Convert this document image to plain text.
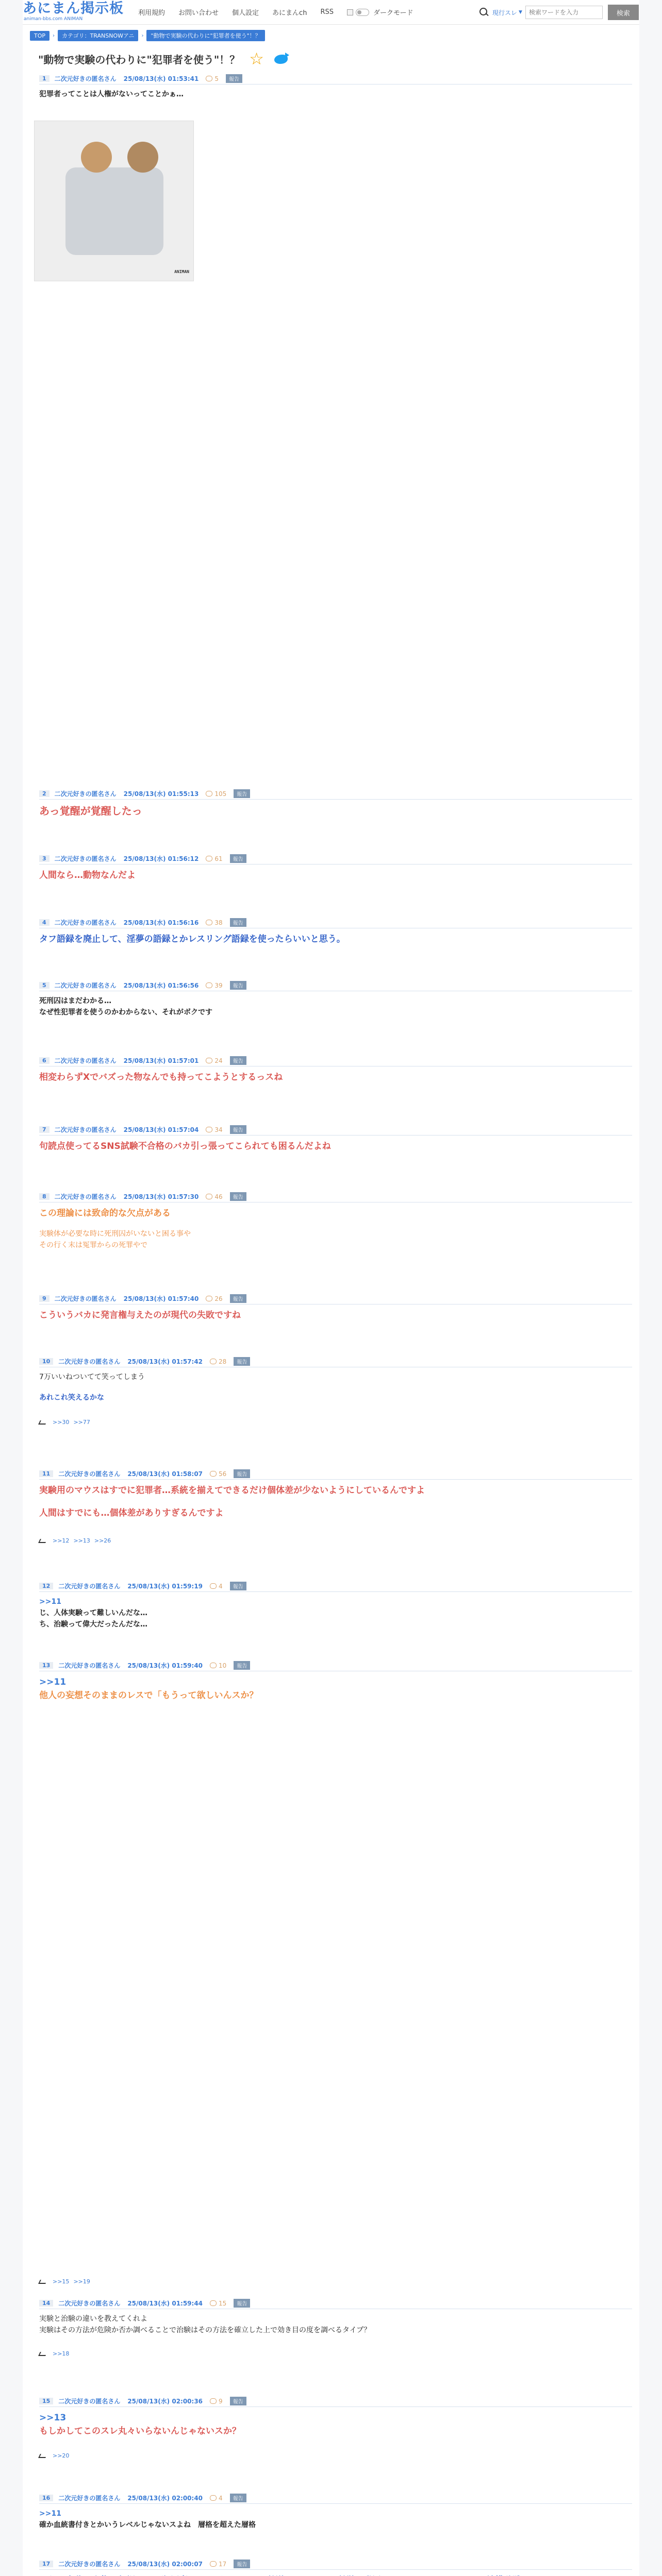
あにまん掲示板
animan-bbs.com ANIMAN
利用規約 お問い合わせ 個人設定 あにまんch RSS	ダークモード	現行スレ ▼
検索ワードを入力	検索
TOP	›	カテゴリ：TRANSNOWアニ	›	"動物で実験の代わりに"犯罪者を使う"！？
"動物で実験の代わりに"犯罪者を使う"！？ ☆
1	二次元好きの匿名さん 25/08/13(水) 01:53:41	5	報告
犯罪者ってことは人権がないってことかぁ…
ANIMAN
2	二次元好きの匿名さん 25/08/13(水) 01:55:13	105	報告
あっ覚醒が覚醒したっ
3	二次元好きの匿名さん 25/08/13(水) 01:56:12	61	報告
人間なら…動物なんだよ
4	二次元好きの匿名さん 25/08/13(水) 01:56:16	38	報告
タフ語録を廃止して、淫夢の語録とかレスリング語録を使ったらいいと思う。
5	二次元好きの匿名さん 25/08/13(水) 01:56:56	39	報告
死刑囚はまだわかる…
なぜ性犯罪者を使うのかわからない、それがボクです
6	二次元好きの匿名さん 25/08/13(水) 01:57:01	24	報告
相変わらずXでバズった物なんでも持ってこようとするっスね
7	二次元好きの匿名さん 25/08/13(水) 01:57:04	34	報告
句読点使ってるSNS試験不合格のバカ引っ張ってこられても困るんだよね
8	二次元好きの匿名さん 25/08/13(水) 01:57:30	46	報告
この理論には致命的な欠点がある
実験体が必要な時に死刑囚がいないと困る事や
その行く末は冤罪からの死罪やで
9	二次元好きの匿名さん 25/08/13(水) 01:57:40	26	報告
こういうバカに発言権与えたのが現代の失敗ですね
10	二次元好きの匿名さん 25/08/13(水) 01:57:42	28	報告
7万いいねついてて笑ってしまう
あれこれ笑えるかな
>>30 >>77
11	二次元好きの匿名さん 25/08/13(水) 01:58:07	56	報告
実験用のマウスはすでに犯罪者…系統を揃えてできるだけ個体差が少ないようにしているんですよ
人間はすでにも…個体差がありすぎるんですよ
>>12 >>13 >>26
12	二次元好きの匿名さん 25/08/13(水) 01:59:19	4	報告
>>11
じ、人体実験って難しいんだな…
ち、治験って偉大だったんだな…
13	二次元好きの匿名さん 25/08/13(水) 01:59:40	10	報告
>>11
他人の妄想そのままのレスで「もうって欲しいんスか？
>>15 >>19
14	二次元好きの匿名さん 25/08/13(水) 01:59:44	15	報告
実験と治験の違いを教えてくれよ
実験はその方法が危険か否か調べることで治験はその方法を確立した上で効き目の度を調べるタイプ？
>>18
15	二次元好きの匿名さん 25/08/13(水) 02:00:36	9	報告
>>13
もしかしてこのスレ丸々いらないんじゃないスか？
>>20
16	二次元好きの匿名さん 25/08/13(水) 02:00:40	4	報告
>>11
確か血統書付きとかいうレベルじゃないスよね　層格を超えた層格
17	二次元好きの匿名さん 25/08/13(水) 02:00:07	17	報告
